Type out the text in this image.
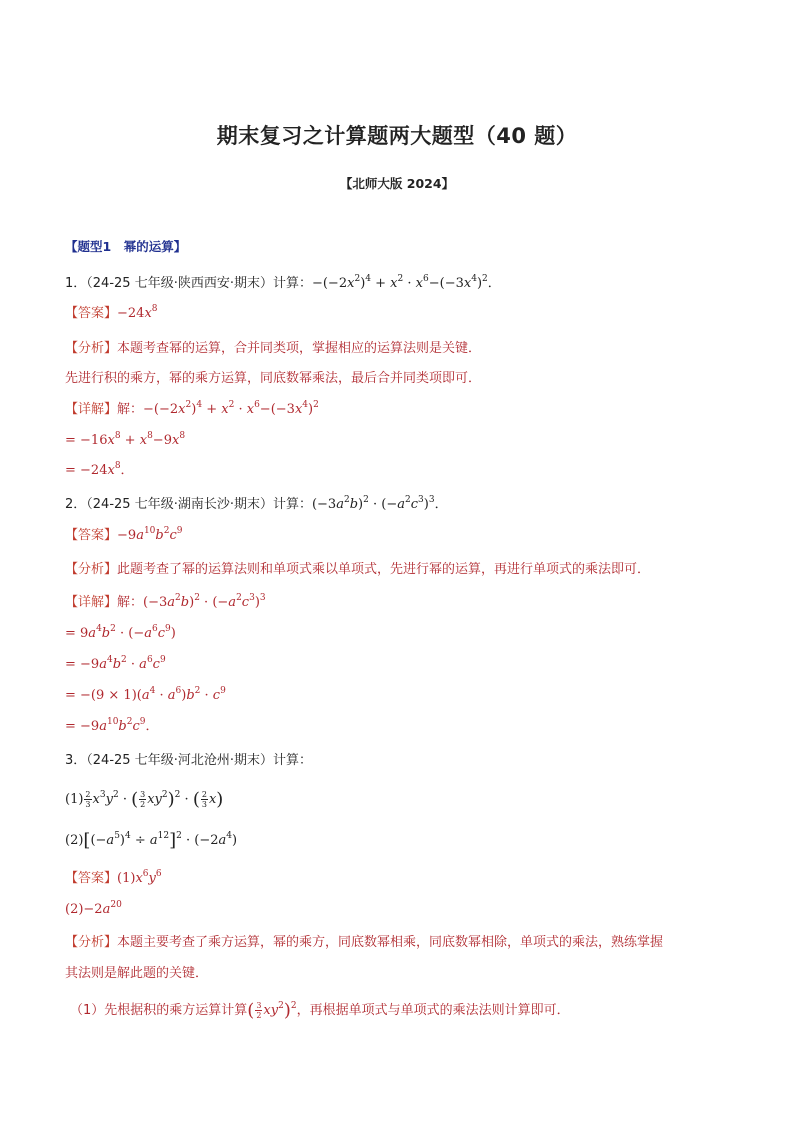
期末复习之计算题两大题型（40 题）
【北师大版 2024】
【题型1　幂的运算】
1．（24-25 七年级·陕西西安·期末）计算：$-(-2x^2)^4 + x^2 \cdot x^6-(-3x^4)^2$．
【答案】$-24x^8$
【分析】本题考查幂的运算，合并同类项，掌握相应的运算法则是关键．
先进行积的乘方，幂的乘方运算，同底数幂乘法，最后合并同类项即可．
【详解】解：$-(-2x^2)^4 + x^2 \cdot x^6-(-3x^4)^2$
= $-16x^8 + x^8-9x^8$
= $-24x^8$．
2．（24-25 七年级·湖南长沙·期末）计算：$(-3a^2b)^2 \cdot (-a^2c^3)^3$．
【答案】$-9a^{10}b^2c^9$
【分析】此题考查了幂的运算法则和单项式乘以单项式，先进行幂的运算，再进行单项式的乘法即可．
【详解】解：$(-3a^2b)^2 \cdot (-a^2c^3)^3$
= $9a^4b^2 \cdot (-a^6c^9)$
= $-9a^4b^2 \cdot a^6c^9$
= $-(9 \times 1)(a^4 \cdot a^6)b^2 \cdot c^9$
= $-9a^{10}b^2c^9$．
3．（24-25 七年级·河北沧州·期末）计算：
$(1) \frac{2}{3} x^3y^2$ · ( $\frac{3}{2} xy^2)^2$ · ( $\frac{2}{3} x$)
$(2)[(-a^5)^4 \div a^{12}]^2 \cdot (-2a^4)$
【答案】$(1)x^6y^6$
$(2)-2a^{20}$
【分析】本题主要考查了乘方运算，幂的乘方，同底数幂相乘，同底数幂相除，单项式的乘法，熟练掌握
其法则是解此题的关键．
（1）先根据积的乘方运算计算( $\frac{3}{2} xy^2)^2$，再根据单项式与单项式的乘法法则计算即可．
